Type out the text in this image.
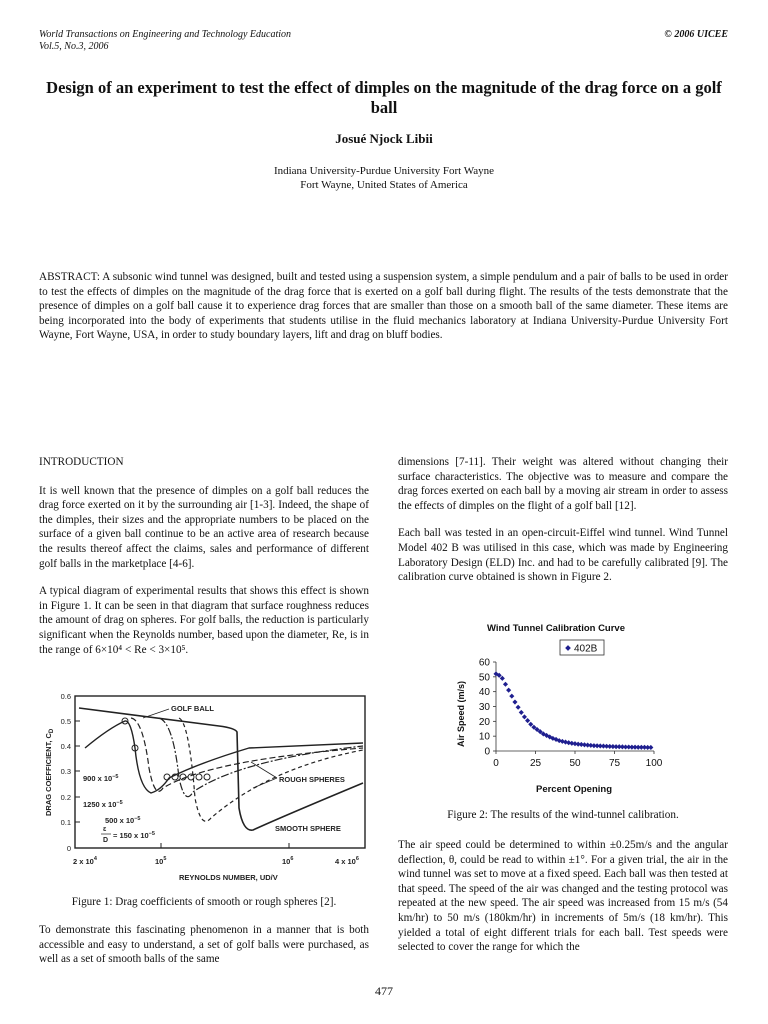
World Transactions on Engineering and Technology Education
Vol.5, No.3, 2006
© 2006 UICEE
Design of an experiment to test the effect of dimples on the magnitude of the drag force on a golf ball
Josué Njock Libii
Indiana University-Purdue University Fort Wayne
Fort Wayne, United States of America
ABSTRACT: A subsonic wind tunnel was designed, built and tested using a suspension system, a simple pendulum and a pair of balls to be used in order to test the effects of dimples on the magnitude of the drag force that is exerted on a golf ball during flight. The results of the tests demonstrate that the presence of dimples on a golf ball cause it to experience drag forces that are smaller than those on a smooth ball of the same diameter. These items are being incorporated into the body of experiments that students utilise in the fluid mechanics laboratory at Indiana University-Purdue University Fort Wayne, Fort Wayne, USA, in order to study boundary layers, lift and drag on bluff bodies.

INTRODUCTION

It is well known that the presence of dimples on a golf ball reduces the drag force exerted on it by the surrounding air [1-3]. Indeed, the shape of the dimples, their sizes and the appropriate numbers to be placed on the surface of a given ball continue to be an active area of research because the results thereof affect the claims, sales and performance of different golf balls in the marketplace [4-6].

A typical diagram of experimental results that shows this effect is shown in Figure 1. It can be seen in that diagram that surface roughness reduces the amount of drag on spheres. For golf balls, the reduction is particularly significant when the Reynolds number, based upon the diameter, Re, is in the range of 6×10⁴ < Re < 3×10⁵.

0.6
0.5
0.4
0.3
0.2
0.1
0
DRAG COEFFICIENT, $C_D$
2 x $10^4$	$10^5$	$10^6$	4 x $10^6$
REYNOLDS NUMBER, UD/V
GOLF BALL
ROUGH SPHERES
SMOOTH SPHERE
900 x $10^{-5}$
1250 x $10^{-5}$
500 x $10^{-5}$
ε
D
= 150 x $10^{-5}$
Figure 1: Drag coefficients of smooth or rough spheres [2].

To demonstrate this fascinating phenomenon in a manner that is both accessible and easy to understand, a set of golf balls were purchased, as well as a set of smooth balls of the same

dimensions [7-11]. Their weight was altered without changing their surface characteristics. The objective was to measure and compare the drag forces exerted on each ball by a moving air stream in order to assess the effects of dimples on the flight of a golf ball [12].

Each ball was tested in an open-circuit-Eiffel wind tunnel. Wind Tunnel Model 402 B was utilised in this case, which was made by Engineering Laboratory Design (ELD) Inc. and had to be carefully calibrated [9]. The calibration curve obtained is shown in Figure 2.

Wind Tunnel Calibration Curve
402B
Air Speed (m/s)
Percent Opening
0
10
20
30
40
50
60
0	25	50	75	100
Figure 2: The results of the wind-tunnel calibration.

The air speed could be determined to within ±0.25m/s and the angular deflection, θ, could be read to within ±1°. For a given trial, the air in the wind tunnel was set to move at a fixed speed. Each ball was then tested at that speed. The speed of the air was changed and the testing protocol was repeated at the new speed. The air speed was increased from 15 m/s (54 km/hr) to 50 m/s (180km/hr) in increments of 5m/s (18 km/hr). This yielded a total of eight different trials for each ball. Test speeds were selected to cover the range for which the

477
